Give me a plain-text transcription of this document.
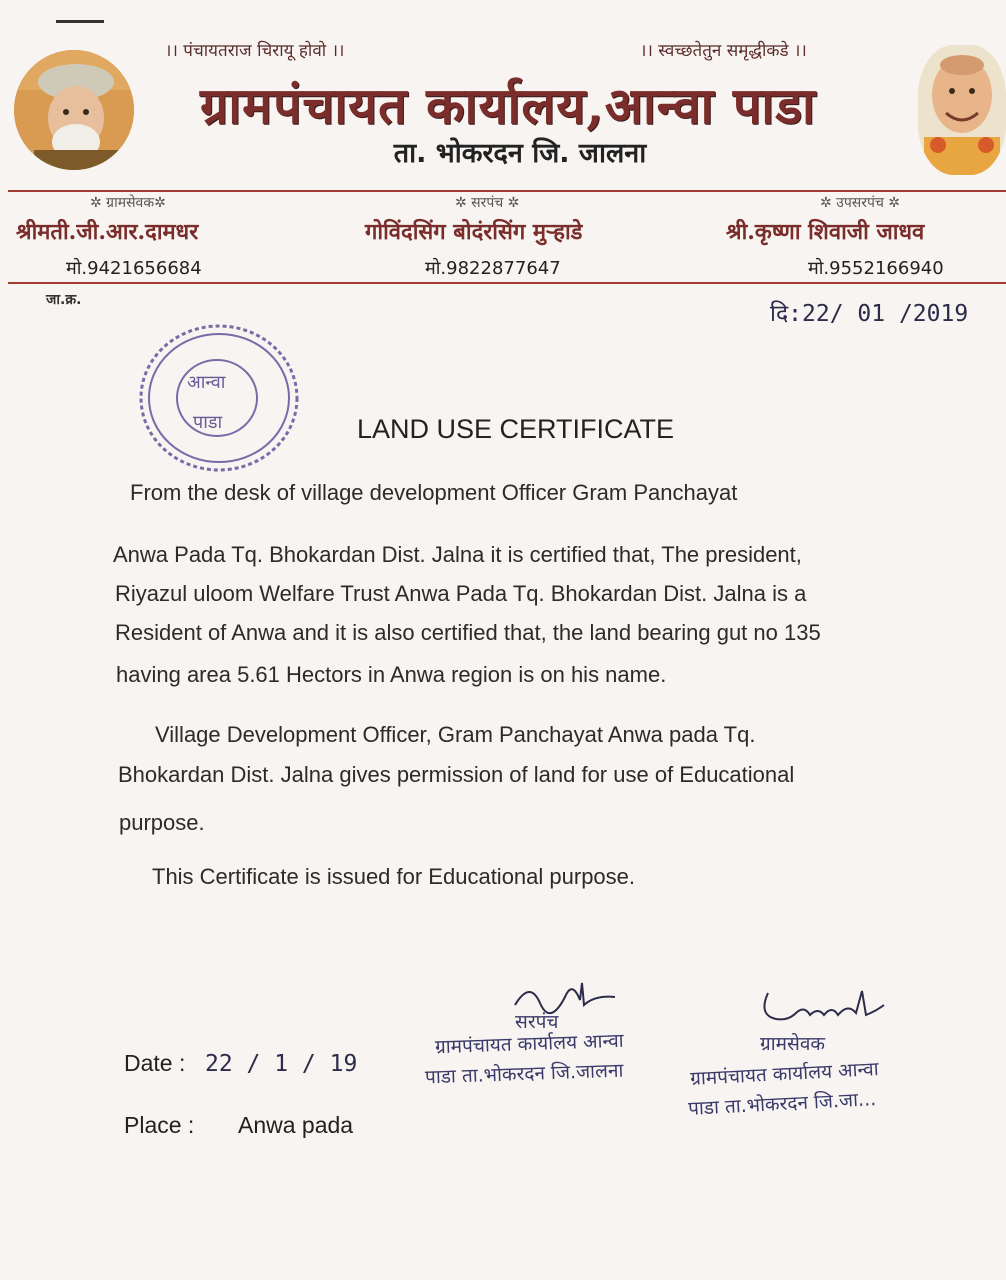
।। पंचायतराज चिरायू होवो ।।	।। स्वच्छतेतुन समृद्धीकडे ।।
ग्रामपंचायत कार्यालय,आन्वा पाडा
ता. भोकरदन जि. जालना
✲ ग्रामसेवक✲
श्रीमती.जी.आर.दामधर
मो.9421656684
✲ सरपंच ✲
गोविंदसिंग बोदंरसिंग मुऱ्हाडे
मो.9822877647
✲ उपसरपंच ✲
श्री.कृष्णा शिवाजी जाधव
मो.9552166940
जा.क्र.
दि:22/ 01 /2019
आन्वा
पाडा	LAND USE CERTIFICATE
From the desk of village development Officer Gram Panchayat
Anwa Pada Tq. Bhokardan Dist. Jalna it is certified that, The president,
Riyazul uloom Welfare Trust Anwa Pada Tq. Bhokardan Dist. Jalna is a
Resident of Anwa and it is also certified that, the land bearing gut no 135
having area 5.61 Hectors in Anwa region is on his name.
Village Development Officer, Gram Panchayat Anwa pada Tq.
Bhokardan Dist. Jalna gives permission of land for use of Educational
purpose.
This Certificate is issued for Educational purpose.
सरपंच
ग्रामपंचायत कार्यालय आन्वा
पाडा ता.भोकरदन जि.जालना
ग्रामसेवक
ग्रामपंचायत कार्यालय आन्वा
पाडा ता.भोकरदन जि.जा...
Date : 22 / 1 / 19
Place : Anwa pada
